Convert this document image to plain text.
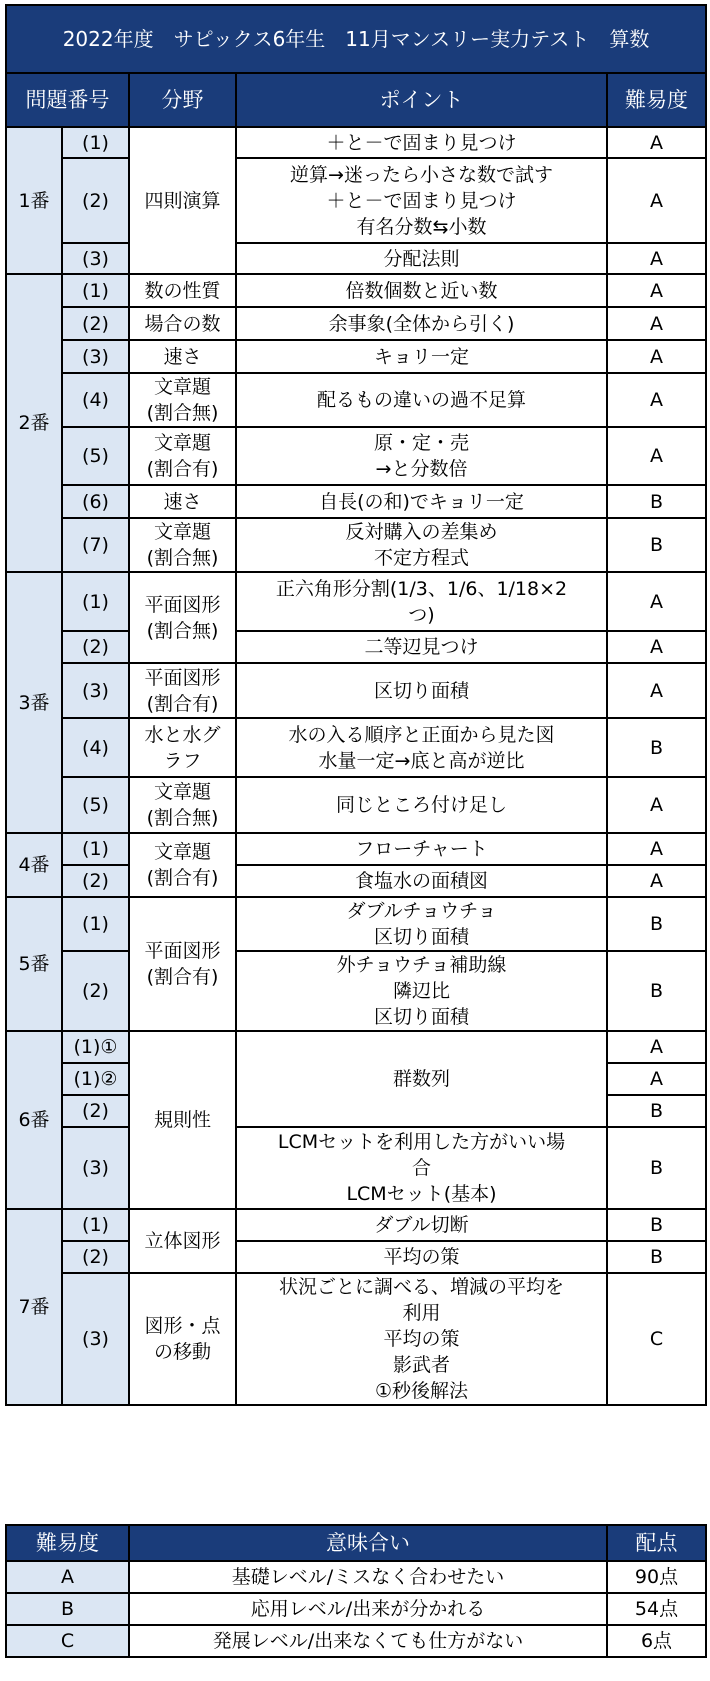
2022年度　サピックス6年生　11月マンスリー実力テスト　算数				
問題番号		分野	ポイント	難易度
1番	(1)	四則演算	＋と－で固まり見つけ	A
	(2)		逆算→迷ったら小さな数で試す
＋と－で固まり見つけ
有名分数⇆小数	A
	(3)		分配法則	A
2番	(1)	数の性質	倍数個数と近い数	A
	(2)	場合の数	余事象(全体から引く)	A
	(3)	速さ	キョリ一定	A
	(4)	文章題
(割合無)	配るもの違いの過不足算	A
	(5)	文章題
(割合有)	原・定・売
→と分数倍	A
	(6)	速さ	自長(の和)でキョリ一定	B
	(7)	文章題
(割合無)	反対購入の差集め
不定方程式	B
3番	(1)	平面図形
(割合無)	正六角形分割(1/3、1/6、1/18×2
つ)	A
	(2)		二等辺見つけ	A
	(3)	平面図形
(割合有)	区切り面積	A
	(4)	水と水グ
ラフ	水の入る順序と正面から見た図
水量一定→底と高が逆比	B
	(5)	文章題
(割合無)	同じところ付け足し	A
4番	(1)	文章題
(割合有)	フローチャート	A
	(2)		食塩水の面積図	A
5番	(1)	平面図形
(割合有)	ダブルチョウチョ
区切り面積	B
	(2)		外チョウチョ補助線
隣辺比
区切り面積	B
6番	(1)①	規則性	群数列	A
	(1)②			A
	(2)			B
	(3)		LCMセットを利用した方がいい場
合
LCMセット(基本)	B
7番	(1)	立体図形	ダブル切断	B
	(2)		平均の策	B
	(3)	図形・点
の移動	状況ごとに調べる、増減の平均を
利用
平均の策
影武者
①秒後解法	C
難易度	意味合い	配点
A	基礎レベル/ミスなく合わせたい	90点
B	応用レベル/出来が分かれる	54点
C	発展レベル/出来なくても仕方がない	6点
